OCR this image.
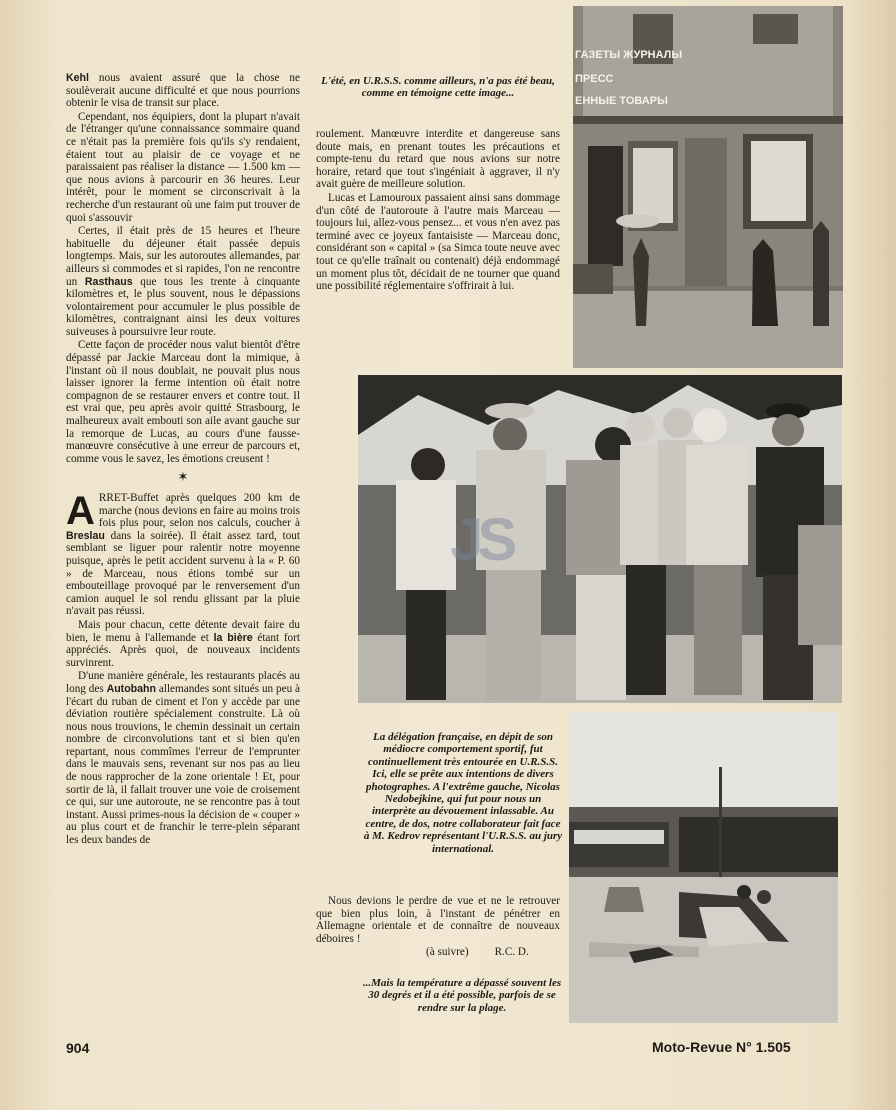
Kehl nous avaient assuré que la chose ne soulèverait aucune difficulté et que nous pourrions obtenir le visa de transit sur place.

Cependant, nos équipiers, dont la plupart n'avait de l'étranger qu'une connaissance sommaire quand ce n'était pas la première fois qu'ils s'y rendaient, étaient tout au plaisir de ce voyage et ne paraissaient pas réaliser la distance — 1.500 km — que nous avions à parcourir en 36 heures. Leur intérêt, pour le moment se circonscrivait à la recherche d'un restaurant où une faim put trouver de quoi s'assouvir

Certes, il était près de 15 heures et l'heure habituelle du déjeuner était passée depuis longtemps. Mais, sur les autoroutes allemandes, par ailleurs si commodes et si rapides, l'on ne rencontre un Rasthaus que tous les trente à cinquante kilomètres et, le plus souvent, nous le dépassions volontairement pour accumuler le plus possible de kilomètres, contraignant ainsi les deux voitures suiveuses à poursuivre leur route.

Cette façon de procéder nous valut bientôt d'être dépassé par Jackie Marceau dont la mimique, à l'instant où il nous doublait, ne pouvait plus nous laisser ignorer la ferme intention où était notre compagnon de se restaurer envers et contre tout. Il est vrai que, peu après avoir quitté Strasbourg, le malheureux avait embouti son aile avant gauche sur la remorque de Lucas, au cours d'une fausse-manœuvre consécutive à une erreur de parcours et, comme vous le savez, les émotions creusent !

✶

ARRET-Buffet après quelques 200 km de marche (nous devions en faire au moins trois fois plus pour, selon nos calculs, coucher à Breslau dans la soirée). Il était assez tard, tout semblant se liguer pour ralentir notre moyenne puisque, après le petit accident survenu à la « P. 60 » de Marceau, nous étions tombé sur un embouteillage provoqué par le renversement d'un camion auquel le sol rendu glissant par la pluie n'avait pas réussi.

Mais pour chacun, cette détente devait faire du bien, le menu à l'allemande et la bière étant fort appréciés. Après quoi, de nouveaux incidents survinrent.

D'une manière générale, les restaurants placés au long des Autobahn allemandes sont situés un peu à l'écart du ruban de ciment et l'on y accède par une déviation routière spécialement construite. Là où nous nous trouvions, le chemin dessinait un certain nombre de circonvolutions tant et si bien qu'en repartant, nous commîmes l'erreur de l'emprunter dans le mauvais sens, revenant sur nos pas au lieu de nous rapprocher de la zone orientale ! Et, pour sortir de là, il fallait trouver une voie de croisement ce qui, sur une autoroute, ne se rencontre pas à tout instant. Aussi primes-nous la décision de « couper » au plus court et de franchir le terre-plein séparant les deux bandes de

L'été, en U.R.S.S. comme ailleurs, n'a pas été beau, comme en témoigne cette image...

roulement. Manœuvre interdite et dangereuse sans doute mais, en prenant toutes les précautions et compte-tenu du retard que nous avions sur notre horaire, retard que tout s'ingéniait à aggraver, il n'y avait guère de meilleure solution.

Lucas et Lamouroux passaient ainsi sans dommage d'un côté de l'autoroute à l'autre mais Marceau — toujours lui, allez-vous pensez... et vous n'en avez pas terminé avec ce joyeux fantaisiste — Marceau donc, considérant son « capital » (sa Simca toute neuve avec tout ce qu'elle traînait ou contenait) déjà endommagé un moment plus tôt, décidait de ne tourner que quand une possibilité réglementaire s'offrirait à lui.

ГАЗЕТЫ ЖУРНАЛЫ
ПРЕСС
ЕННЫЕ ТОВАРЫ
La délégation française, en dépit de son médiocre comportement sportif, fut continuellement très entourée en U.R.S.S. Ici, elle se prête aux intentions de divers photographes. A l'extrême gauche, Nicolas Nedobejkine, qui fut pour nous un interprète au dévouement inlassable. Au centre, de dos, notre collaborateur fait face à M. Kedrov représentant l'U.R.S.S. au jury international.

Nous devions le perdre de vue et ne le retrouver que bien plus loin, à l'instant de pénétrer en Allemagne orientale et de connaître de nouveaux déboires !

(à suivre) R.C. D.

...Mais la température a dépassé souvent les 30 degrés et il a été possible, parfois de se rendre sur la plage.
JS
904	Moto-Revue N° 1.505
